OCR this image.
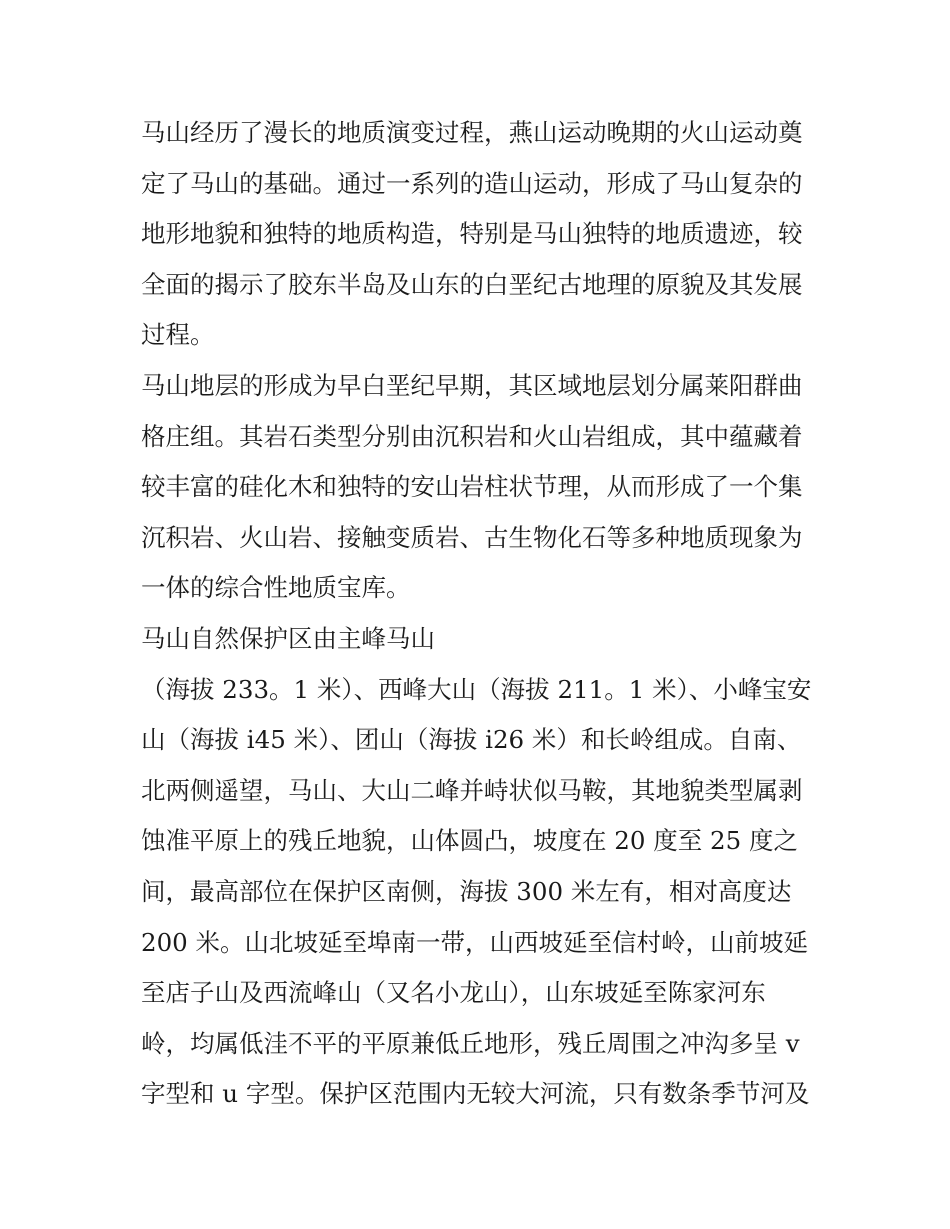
马山经历了漫长的地质演变过程，燕山运动晚期的火山运动奠
定了马山的基础。通过一系列的造山运动，形成了马山复杂的
地形地貌和独特的地质构造，特别是马山独特的地质遗迹，较
全面的揭示了胶东半岛及山东的白垩纪古地理的原貌及其发展
过程。
马山地层的形成为早白垩纪早期，其区域地层划分属莱阳群曲
格庄组。其岩石类型分别由沉积岩和火山岩组成，其中蕴藏着
较丰富的硅化木和独特的安山岩柱状节理，从而形成了一个集
沉积岩、火山岩、接触变质岩、古生物化石等多种地质现象为
一体的综合性地质宝库。
马山自然保护区由主峰马山
（海拔 233。1 米）、西峰大山（海拔 211。1 米）、小峰宝安
山（海拔 i45 米）、团山（海拔 i26 米）和长岭组成。自南、
北两侧遥望，马山、大山二峰并峙状似马鞍，其地貌类型属剥
蚀准平原上的残丘地貌，山体圆凸，坡度在 20 度至 25 度之
间，最高部位在保护区南侧，海拔 300 米左有，相对高度达
200 米。山北坡延至埠南一带，山西坡延至信村岭，山前坡延
至店子山及西流峰山（又名小龙山），山东坡延至陈家河东
岭，均属低洼不平的平原兼低丘地形，残丘周围之冲沟多呈 v
字型和 u 字型。保护区范围内无较大河流，只有数条季节河及
